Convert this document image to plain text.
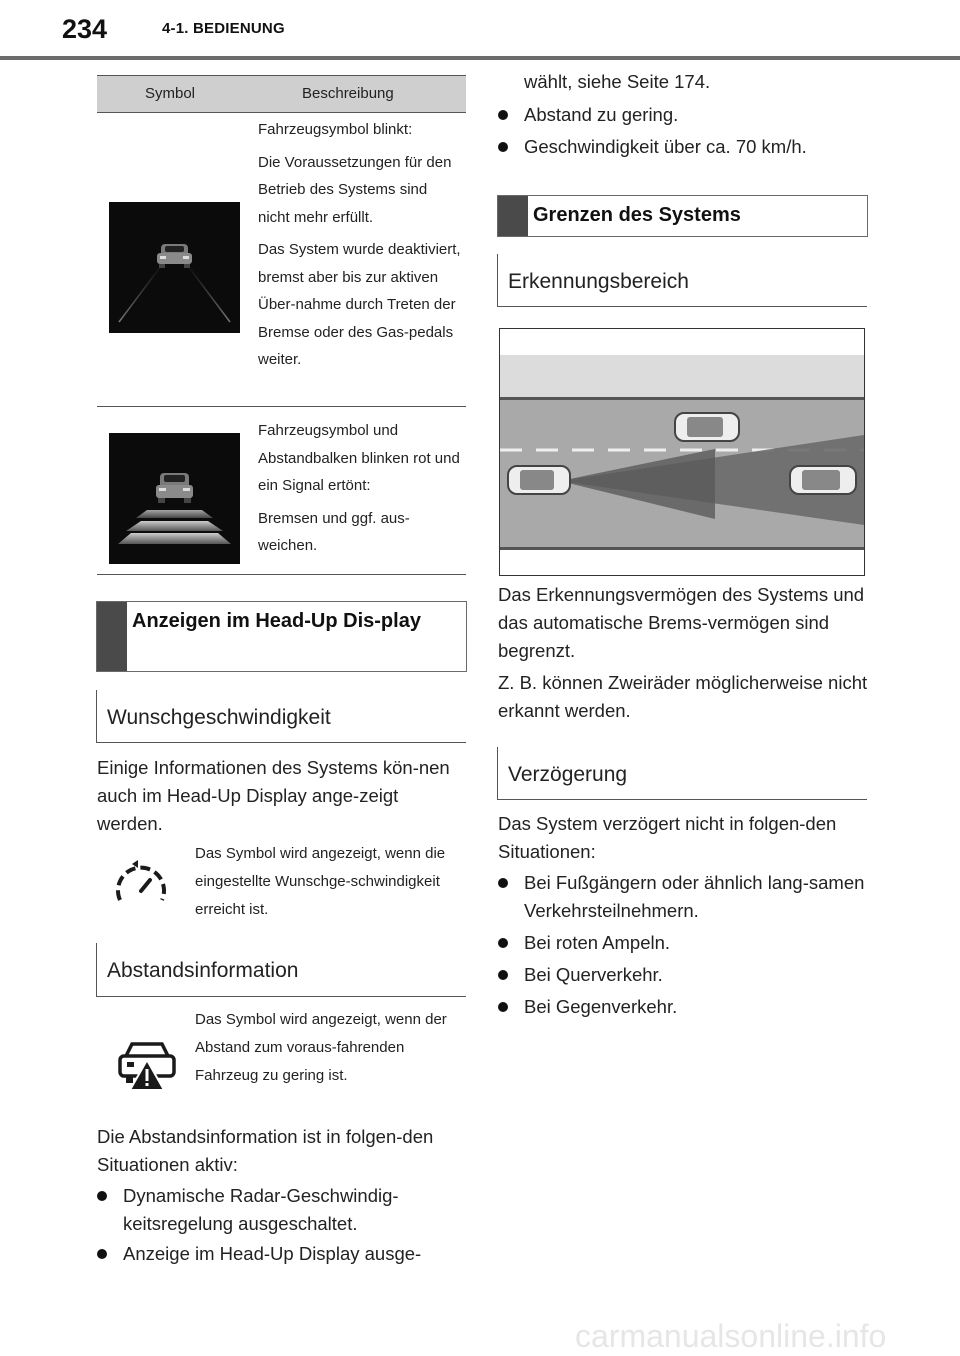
234	4-1. BEDIENUNG
Symbol	Beschreibung

Fahrzeugsymbol blinkt:

Die Voraussetzungen für den Betrieb des Systems sind nicht mehr erfüllt.

Das System wurde deaktiviert, bremst aber bis zur aktiven Über-nahme durch Treten der Bremse oder des Gas-pedals weiter.

Fahrzeugsymbol und Abstandbalken blinken rot und ein Signal ertönt:

Bremsen und ggf. aus-weichen.

Anzeigen im Head-Up Dis-play
Wunschgeschwindigkeit
Einige Informationen des Systems kön-nen auch im Head-Up Display ange-zeigt werden.
Das Symbol wird angezeigt, wenn die eingestellte Wunschge-schwindigkeit erreicht ist.
Abstandsinformation
Das Symbol wird angezeigt, wenn der Abstand zum voraus-fahrenden Fahrzeug zu gering ist.
Die Abstandsinformation ist in folgen-den Situationen aktiv:
Dynamische Radar-Geschwindig-keitsregelung ausgeschaltet.
Anzeige im Head-Up Display ausge-
wählt, siehe Seite 174.
Abstand zu gering.
Geschwindigkeit über ca. 70 km/h.
Grenzen des Systems
Erkennungsbereich
Das Erkennungsvermögen des Systems und das automatische Brems-vermögen sind begrenzt.
Z. B. können Zweiräder möglicherweise nicht erkannt werden.
Verzögerung
Das System verzögert nicht in folgen-den Situationen:
Bei Fußgängern oder ähnlich lang-samen Verkehrsteilnehmern.
Bei roten Ampeln.
Bei Querverkehr.
Bei Gegenverkehr.
carmanualsonline.info
